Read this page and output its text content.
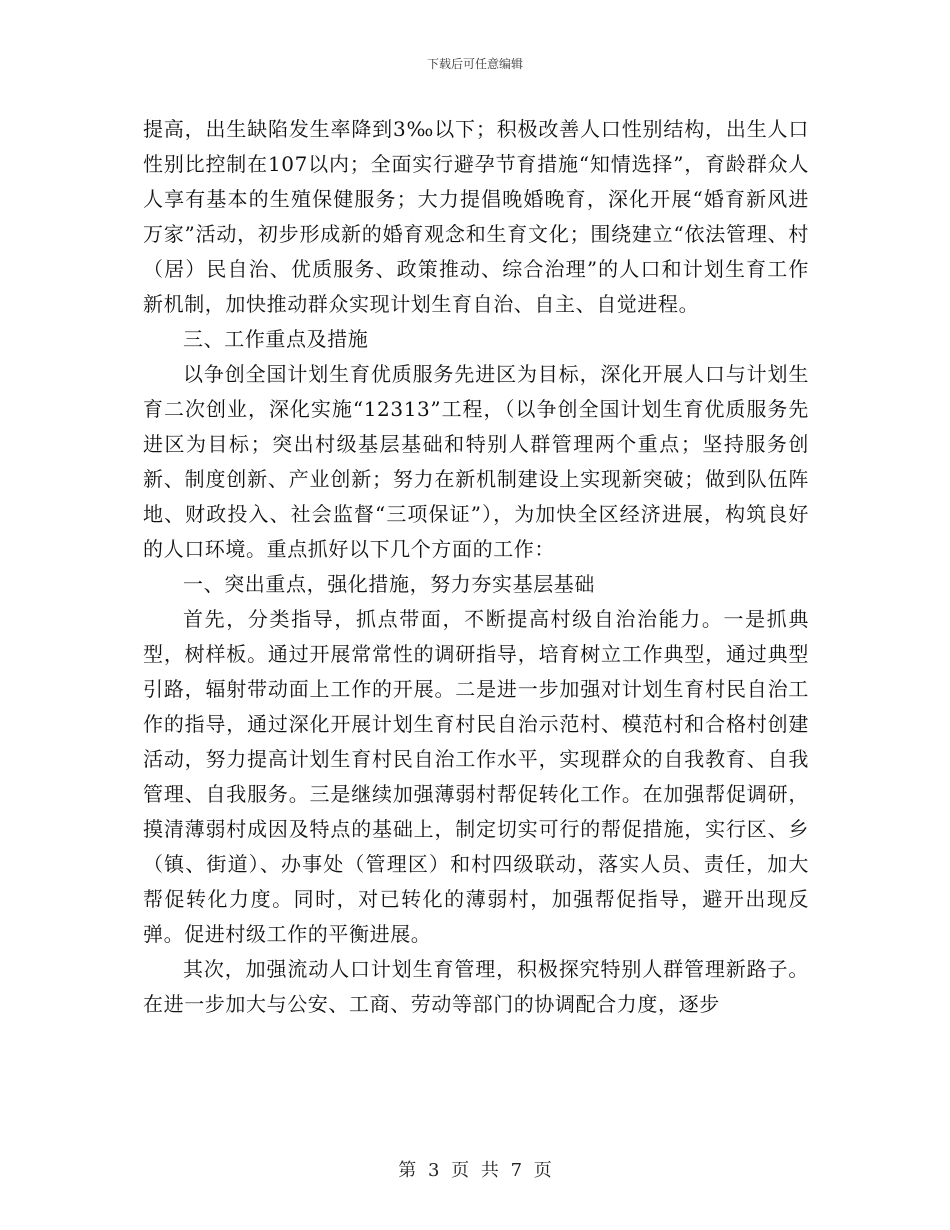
下载后可任意编辑

提高，出生缺陷发生率降到3‰以下；积极改善人口性别结构，出生人口性别比控制在107以内；全面实行避孕节育措施“知情选择”，育龄群众人人享有基本的生殖保健服务；大力提倡晚婚晚育，深化开展“婚育新风进万家”活动，初步形成新的婚育观念和生育文化；围绕建立“依法管理、村（居）民自治、优质服务、政策推动、综合治理”的人口和计划生育工作新机制，加快推动群众实现计划生育自治、自主、自觉进程。

三、工作重点及措施

以争创全国计划生育优质服务先进区为目标，深化开展人口与计划生育二次创业，深化实施“12313”工程，（以争创全国计划生育优质服务先进区为目标；突出村级基层基础和特别人群管理两个重点；坚持服务创新、制度创新、产业创新；努力在新机制建设上实现新突破；做到队伍阵地、财政投入、社会监督“三项保证”），为加快全区经济进展，构筑良好的人口环境。重点抓好以下几个方面的工作：

一、突出重点，强化措施，努力夯实基层基础

首先，分类指导，抓点带面，不断提高村级自治治能力。一是抓典型，树样板。通过开展常常性的调研指导，培育树立工作典型，通过典型引路，辐射带动面上工作的开展。二是进一步加强对计划生育村民自治工作的指导，通过深化开展计划生育村民自治示范村、模范村和合格村创建活动，努力提高计划生育村民自治工作水平，实现群众的自我教育、自我管理、自我服务。三是继续加强薄弱村帮促转化工作。在加强帮促调研，摸清薄弱村成因及特点的基础上，制定切实可行的帮促措施，实行区、乡（镇、街道）、办事处（管理区）和村四级联动，落实人员、责任，加大帮促转化力度。同时，对已转化的薄弱村，加强帮促指导，避开出现反弹。促进村级工作的平衡进展。

其次，加强流动人口计划生育管理，积极探究特别人群管理新路子。在进一步加大与公安、工商、劳动等部门的协调配合力度，逐步

第 3 页 共 7 页
